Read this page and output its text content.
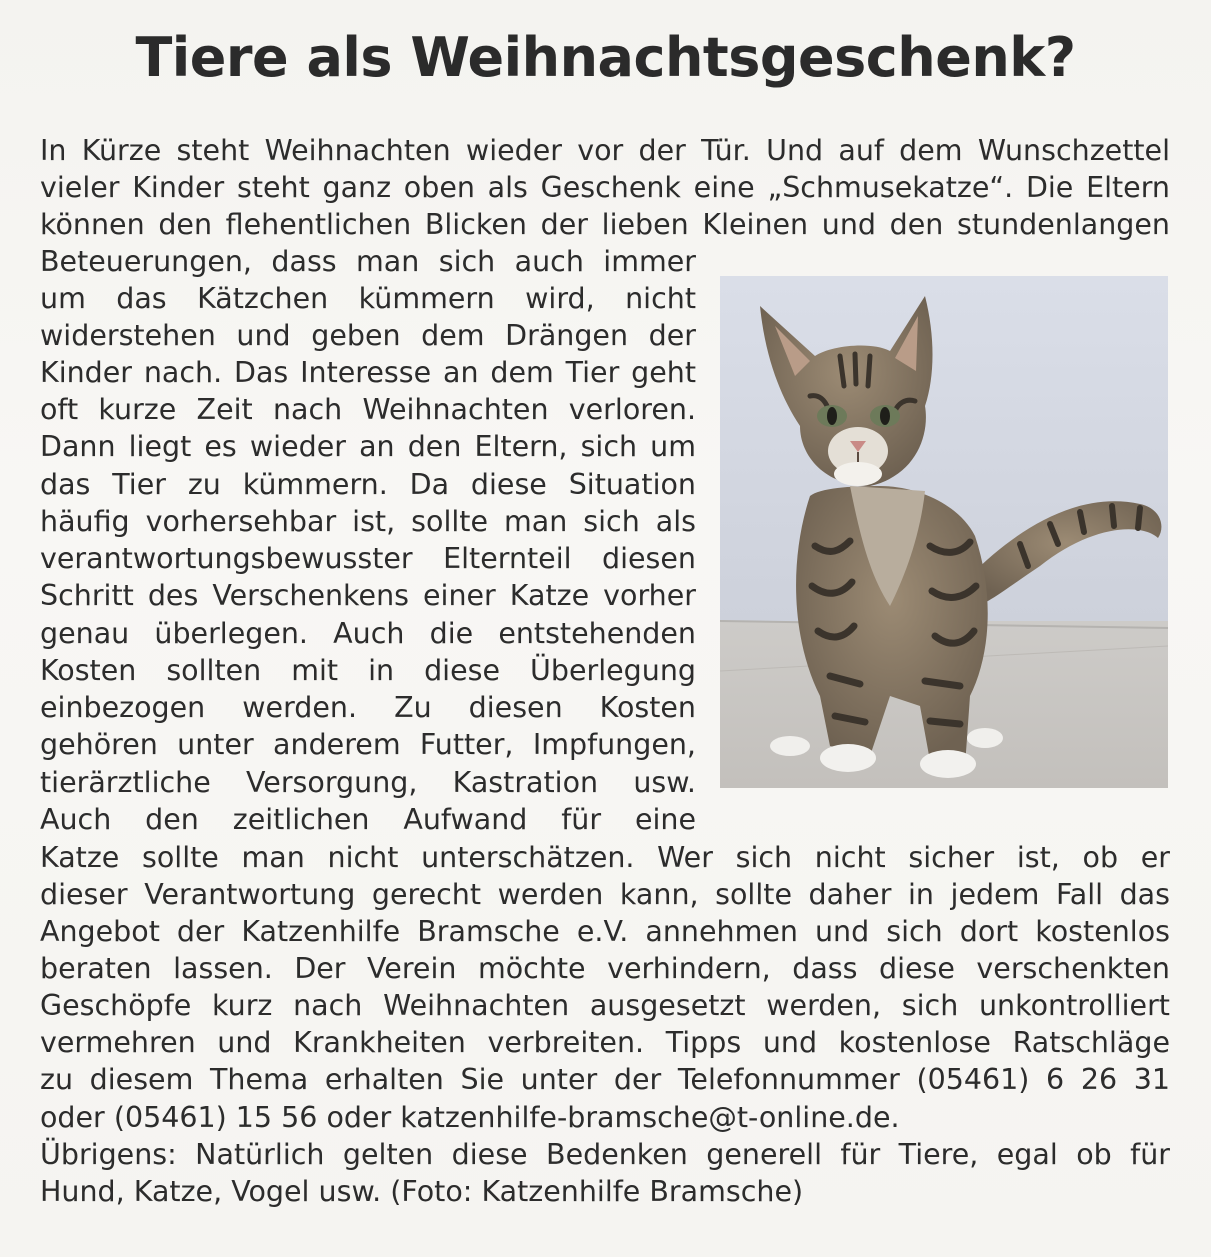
Tiere als Weihnachtsgeschenk?
In Kürze steht Weihnachten wieder vor der Tür. Und auf dem Wunschzettel
vieler Kinder steht ganz oben als Geschenk eine „Schmusekatze“. Die Eltern
können den flehentlichen Blicken der lieben Kleinen und den stundenlangen
Beteuerungen, dass man sich auch immer
um das Kätzchen kümmern wird, nicht
widerstehen und geben dem Drängen der
Kinder nach. Das Interesse an dem Tier geht
oft kurze Zeit nach Weihnachten verloren.
Dann liegt es wieder an den Eltern, sich um
das Tier zu kümmern. Da diese Situation
häufig vorhersehbar ist, sollte man sich als
verantwortungsbewusster Elternteil diesen
Schritt des Verschenkens einer Katze vorher
genau überlegen. Auch die entstehenden
Kosten sollten mit in diese Überlegung
einbezogen werden. Zu diesen Kosten
gehören unter anderem Futter, Impfungen,
tierärztliche Versorgung, Kastration usw.
Auch den zeitlichen Aufwand für eine
Katze sollte man nicht unterschätzen. Wer sich nicht sicher ist, ob er
dieser Verantwortung gerecht werden kann, sollte daher in jedem Fall das
Angebot der Katzenhilfe Bramsche e.V. annehmen und sich dort kostenlos
beraten lassen. Der Verein möchte verhindern, dass diese verschenkten
Geschöpfe kurz nach Weihnachten ausgesetzt werden, sich unkontrolliert
vermehren und Krankheiten verbreiten. Tipps und kostenlose Ratschläge
zu diesem Thema erhalten Sie unter der Telefonnummer (05461) 6 26 31
oder (05461) 15 56 oder katzenhilfe-bramsche@t-online.de.
Übrigens: Natürlich gelten diese Bedenken generell für Tiere, egal ob für
Hund, Katze, Vogel usw. (Foto: Katzenhilfe Bramsche)
